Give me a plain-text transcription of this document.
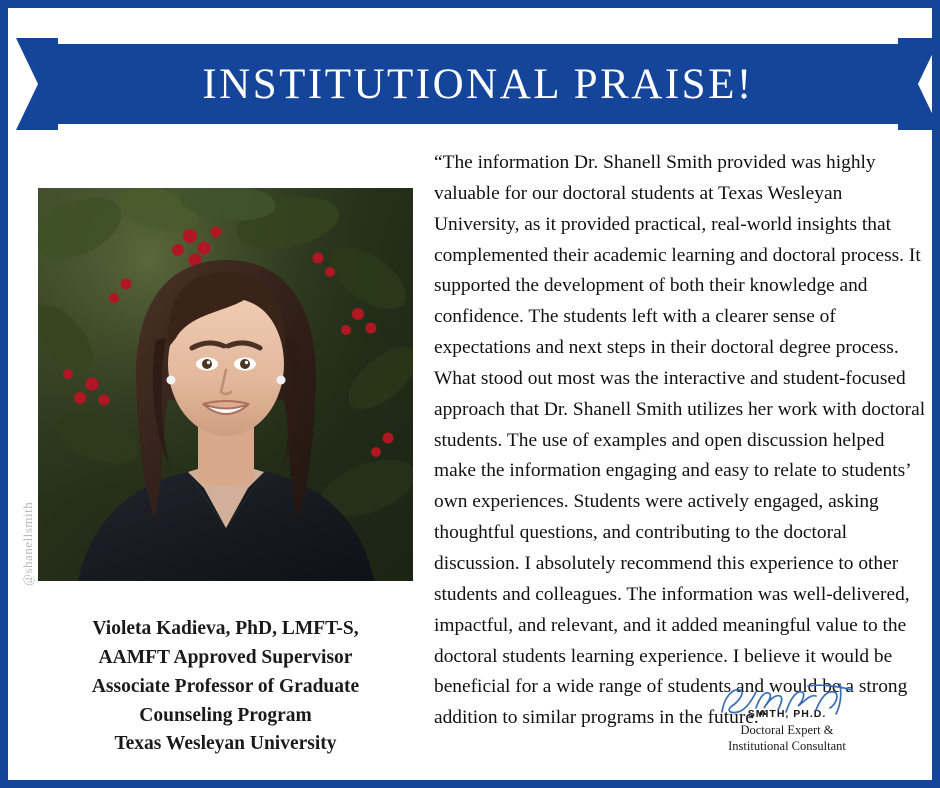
INSTITUTIONAL PRAISE!
@shanellsmith
Violeta Kadieva, PhD, LMFT-S,
AAMFT Approved Supervisor
Associate Professor of Graduate
Counseling Program
Texas Wesleyan University
“The information Dr. Shanell Smith provided was highly valuable for our doctoral students at Texas Wesleyan University, as it provided practical, real-world insights that complemented their academic learning and doctoral process. It supported the development of both their knowledge and confidence. The students left with a clearer sense of expectations and next steps in their doctoral degree process. What stood out most was the interactive and student-focused approach that Dr. Shanell Smith utilizes her work with doctoral students. The use of examples and open discussion helped make the information engaging and easy to relate to students’ own experiences. Students were actively engaged, asking thoughtful questions, and contributing to the doctoral discussion. I absolutely recommend this experience to other students and colleagues. The information was well-delivered, impactful, and relevant, and it added meaningful value to the doctoral students learning experience. I believe it would be beneficial for a wide range of students and would be a strong addition to similar programs in the future.“
SMITH, PH.D.
Doctoral Expert &
Institutional Consultant
